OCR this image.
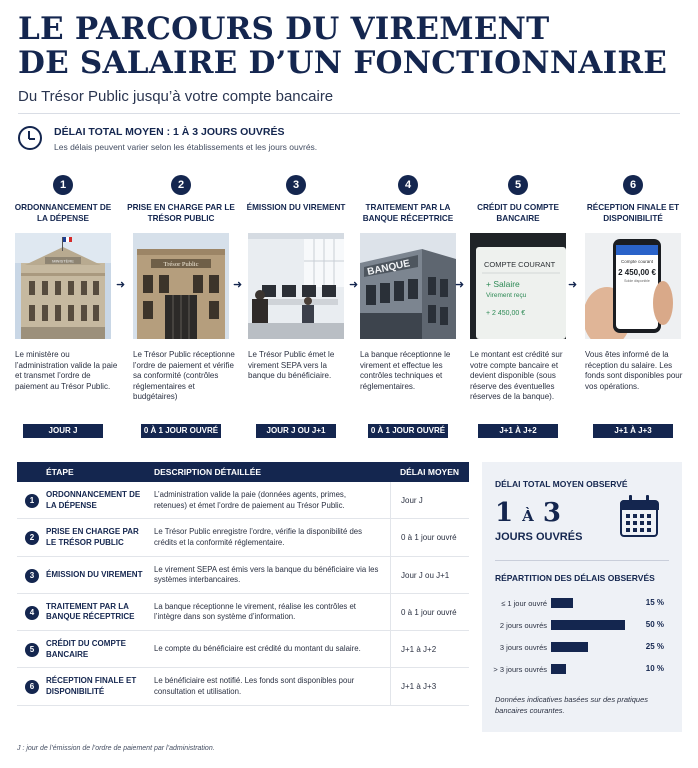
LE PARCOURS DU VIREMENT
DE SALAIRE D’UN FONCTIONNAIRE
Du Trésor Public jusqu’à votre compte bancaire
DÉLAI TOTAL MOYEN : 1 À 3 JOURS OUVRÉS
Les délais peuvent varier selon les établissements et les jours ouvrés.
1
ORDONNANCEMENT DE LA DÉPENSE
MINISTÈRE
Le ministère ou l’administration valide la paie et transmet l’ordre de paiement au Trésor Public.
JOUR J
➜
2
PRISE EN CHARGE PAR LE TRÉSOR PUBLIC
Trésor Public
Le Trésor Public réceptionne l’ordre de paiement et vérifie sa conformité (contrôles réglementaires et budgétaires)
0 À 1 JOUR OUVRÉ
➜
3
ÉMISSION DU VIREMENT
Le Trésor Public émet le virement SEPA vers la banque du bénéficiaire.
JOUR J OU J+1
➜
4
TRAITEMENT PAR LA BANQUE RÉCEPTRICE
BANQUE
La banque réceptionne le virement et effectue les contrôles techniques et réglementaires.
0 À 1 JOUR OUVRÉ
➜
5
CRÉDIT DU COMPTE BANCAIRE
COMPTE COURANT
+ Salaire
Virement reçu
+ 2 450,00 €
Le montant est crédité sur votre compte bancaire et devient disponible (sous réserve des éventuelles réserves de la banque).
J+1 À J+2
➜
6
RÉCEPTION FINALE ET DISPONIBILITÉ
Compte courant
2 450,00 €
Solde disponible
Vous êtes informé de la réception du salaire. Les fonds sont disponibles pour vos opérations.
J+1 À J+3
ÉTAPE	DESCRIPTION DÉTAILLÉE	DÉLAI MOYEN
1
ORDONNANCEMENT DE LA DÉPENSE
L’administration valide la paie (données agents, primes, retenues) et émet l’ordre de paiement au Trésor Public.	Jour J
2
PRISE EN CHARGE PAR LE TRÉSOR PUBLIC
Le Trésor Public enregistre l’ordre, vérifie la disponibilité des crédits et la conformité réglementaire.	0 à 1 jour ouvré
3	ÉMISSION DU VIREMENT
Le virement SEPA est émis vers la banque du bénéficiaire via les systèmes interbancaires.	Jour J ou J+1
4
TRAITEMENT PAR LA BANQUE RÉCEPTRICE
La banque réceptionne le virement, réalise les contrôles et l’intègre dans son système d’information.	0 à 1 jour ouvré
5
CRÉDIT DU COMPTE BANCAIRE
Le compte du bénéficiaire est crédité du montant du salaire.	J+1 à J+2
6
RÉCEPTION FINALE ET DISPONIBILITÉ
Le bénéficiaire est notifié. Les fonds sont disponibles pour consultation et utilisation.	J+1 à J+3
J : jour de l’émission de l’ordre de paiement par l’administration.
DÉLAI TOTAL MOYEN OBSERVÉ
1 À 3
JOURS OUVRÉS
RÉPARTITION DES DÉLAIS OBSERVÉS
≤ 1 jour ouvré	15 %
2 jours ouvrés	50 %
3 jours ouvrés	25 %
> 3 jours ouvrés	10 %
Données indicatives basées sur des pratiques bancaires courantes.
